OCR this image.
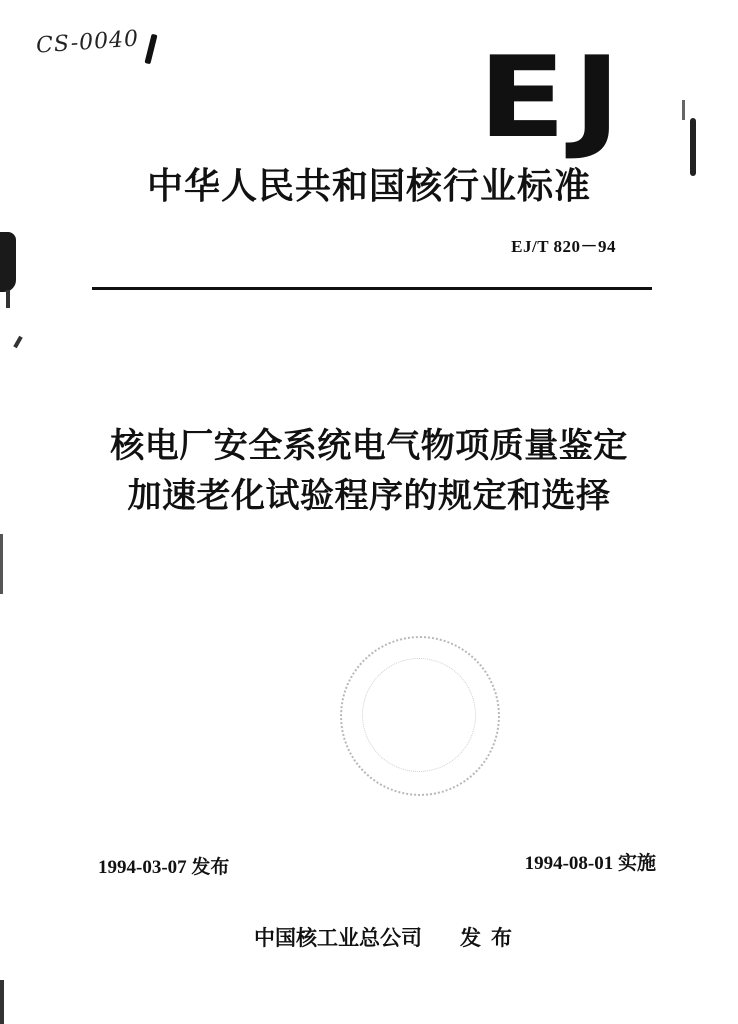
CS-0040	EJ
中华人民共和国核行业标准
EJ/T 820－94
核电厂安全系统电气物项质量鉴定
加速老化试验程序的规定和选择
1994-03-07 发布	1994-08-01 实施
中国核工业总公司 发布
